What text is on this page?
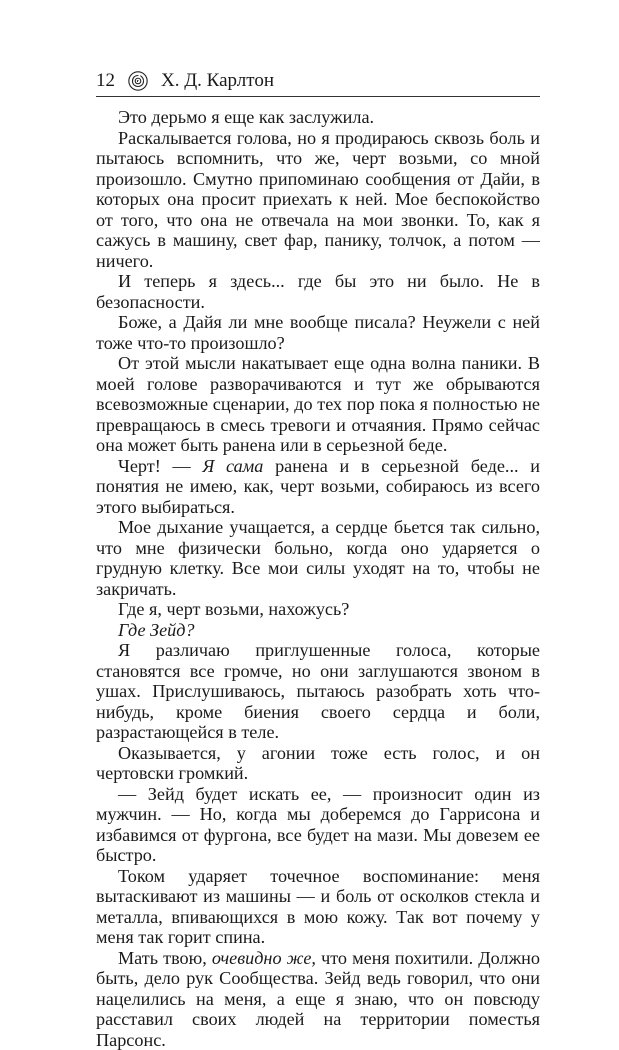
12 Х. Д. Карлтон

Это дерьмо я еще как заслужила.

Раскалывается голова, но я продираюсь сквозь боль и пытаюсь вспомнить, что же, черт возьми, со мной произошло. Смутно припоминаю сообщения от Дайи, в которых она просит приехать к ней. Мое беспокойство от того, что она не отвечала на мои звонки. То, как я сажусь в машину, свет фар, панику, толчок, а потом — ничего.

И теперь я здесь... где бы это ни было. Не в безопасности.

Боже, а Дайя ли мне вообще писала? Неужели с ней тоже что-то произошло?

От этой мысли накатывает еще одна волна паники. В моей голове разворачиваются и тут же обрываются всевозможные сценарии, до тех пор пока я полностью не превращаюсь в смесь тревоги и отчаяния. Прямо сейчас она может быть ранена или в серьезной беде.

Черт! — Я сама ранена и в серьезной беде... и понятия не имею, как, черт возьми, собираюсь из всего этого выбираться.

Мое дыхание учащается, а сердце бьется так сильно, что мне физически больно, когда оно ударяется о грудную клетку. Все мои силы уходят на то, чтобы не закричать.

Где я, черт возьми, нахожусь?

Где Зейд?

Я различаю приглушенные голоса, которые становятся все громче, но они заглушаются звоном в ушах. Прислушиваюсь, пытаюсь разобрать хоть что-нибудь, кроме биения своего сердца и боли, разрастающейся в теле.

Оказывается, у агонии тоже есть голос, и он чертовски громкий.

— Зейд будет искать ее, — произносит один из мужчин. — Но, когда мы доберемся до Гаррисона и избавимся от фургона, все будет на мази. Мы довезем ее быстро.

Током ударяет точечное воспоминание: меня вытаскивают из машины — и боль от осколков стекла и металла, впивающихся в мою кожу. Так вот почему у меня так горит спина.

Мать твою, очевидно же, что меня похитили. Должно быть, дело рук Сообщества. Зейд ведь говорил, что они нацелились на меня, а еще я знаю, что он повсюду расставил своих людей на территории поместья Парсонс.
